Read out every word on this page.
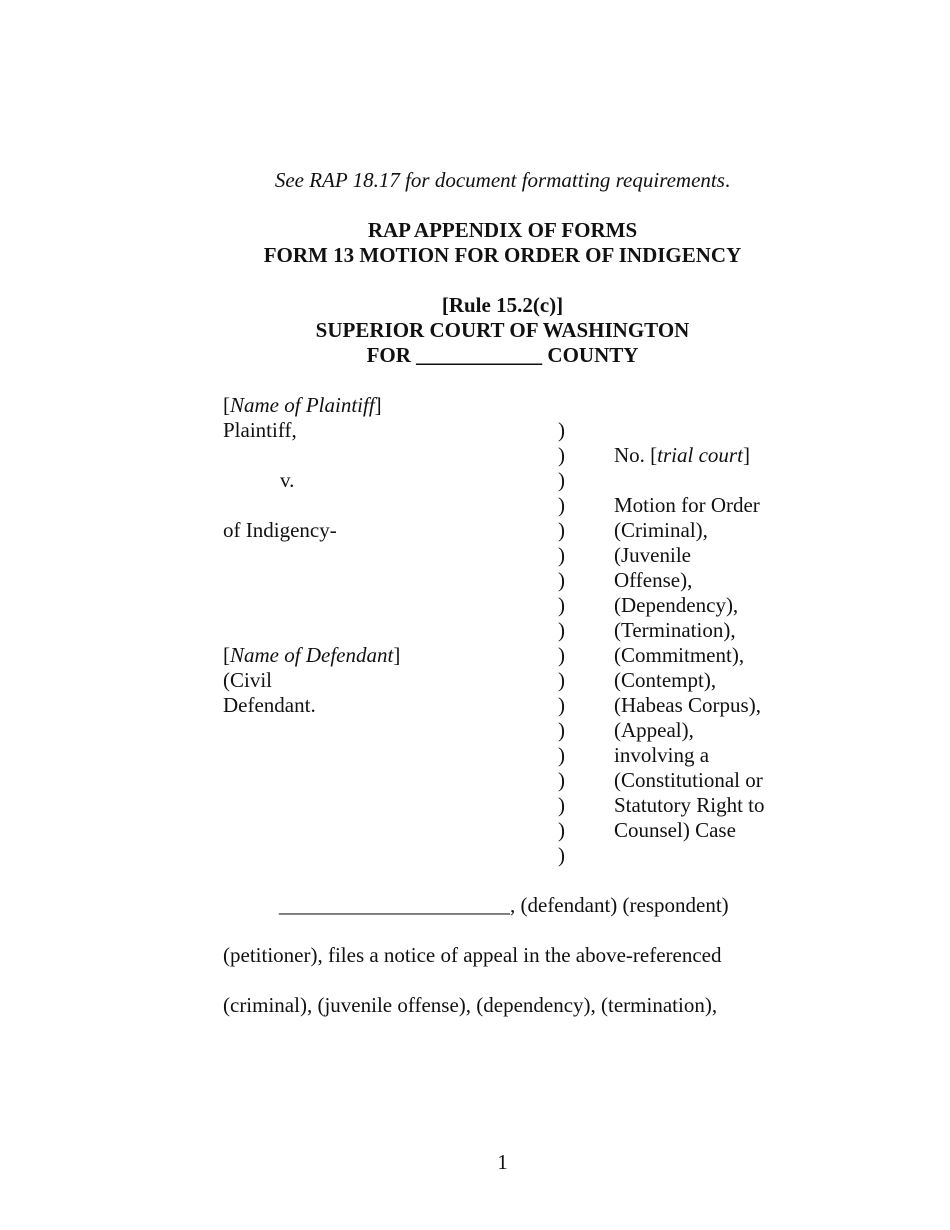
See RAP 18.17 for document formatting requirements.
RAP APPENDIX OF FORMS
FORM 13 MOTION FOR ORDER OF INDIGENCY
[Rule 15.2(c)]
SUPERIOR COURT OF WASHINGTON
FOR ____________ COUNTY
[Name of Plaintiff]
Plaintiff,
v.
of Indigency-
[Name of Defendant]
(Civil
Defendant.
)
)
)
)
)
)
)
)
)
)
)
)
)
)
)
)
)
)
No. [trial court]
Motion for Order
(Criminal),
(Juvenile
Offense),
(Dependency),
(Termination),
(Commitment),
(Contempt),
(Habeas Corpus),
(Appeal),
involving a
(Constitutional or
Statutory Right to
Counsel) Case
______________________, (defendant) (respondent)
(petitioner), files a notice of appeal in the above-referenced
(criminal), (juvenile offense), (dependency), (termination),
1
